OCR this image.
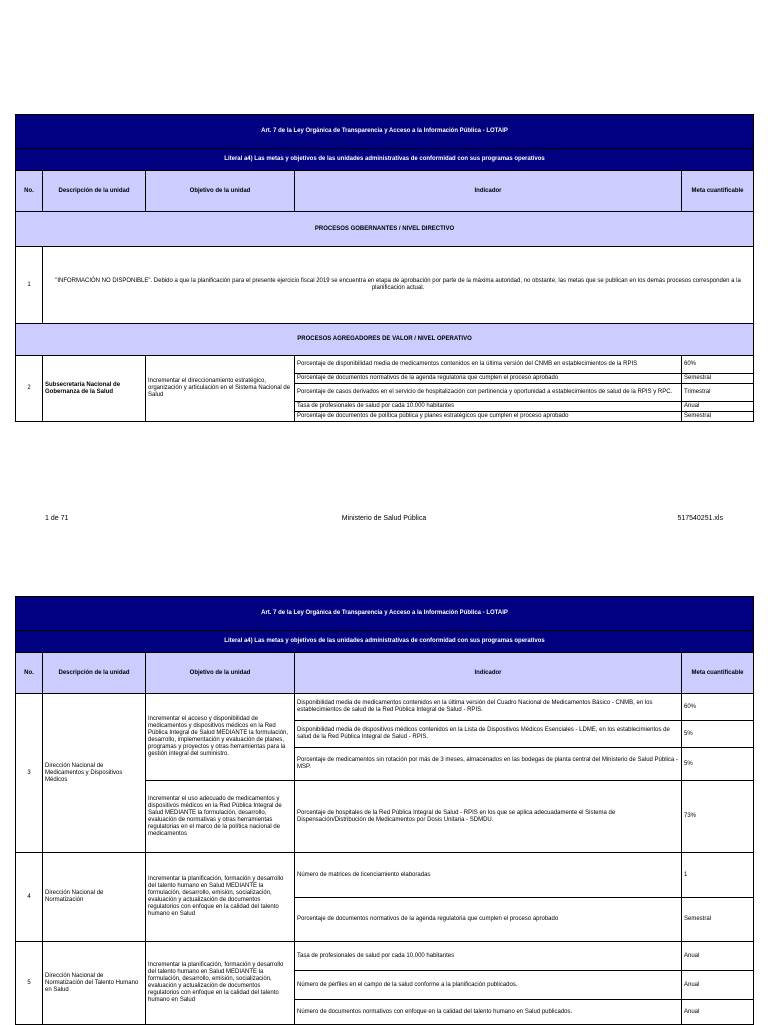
Art. 7 de la Ley Orgánica de Transparencia y Acceso a la Información Pública - LOTAIP				
Literal a4) Las metas y objetivos de las unidades administrativas de conformidad con sus programas operativos				
No.	Descripción de la unidad	Objetivo de la unidad	Indicador	Meta cuantificable
PROCESOS GOBERNANTES / NIVEL DIRECTIVO				
1	"INFORMACIÓN NO DISPONIBLE". Debido a que la planificación para el presente ejercicio fiscal 2019 se encuentra en etapa de aprobación por parte de la máxima autoridad, no obstante, las metas que se publican en los demás procesos corresponden a la planificación actual.			
PROCESOS AGREGADORES DE VALOR / NIVEL OPERATIVO				
2	Subsecretaría Nacional de Gobernanza de la Salud	Incrementar el direccionamiento estratégico, organización y articulación en el Sistema Nacional de Salud	Porcentaje de disponibilidad media de medicamentos contenidos en la última versión del CNMB en establecimientos de la RPIS	60%
			Porcentaje de documentos normativos de la agenda regulatoria que cumplen el proceso aprobado	Semestral
			Porcentaje de casos derivados en el servicio de hospitalización con pertinencia y oportunidad a establecimientos de salud de la RPIS y RPC.	Trimestral
			Tasa de profesionales de salud por cada 10.000 habitantes	Anual
			Porcentaje de documentos de política pública y planes estratégicos que cumplen el proceso aprobado	Semestral
Ministerio de Salud Pública
1 de 71	517540251.xls
Art. 7 de la Ley Orgánica de Transparencia y Acceso a la Información Pública - LOTAIP				
Literal a4) Las metas y objetivos de las unidades administrativas de conformidad con sus programas operativos				
No.	Descripción de la unidad	Objetivo de la unidad	Indicador	Meta cuantificable
3	Dirección Nacional de Medicamentos y Dispositivos Médicos	Incrementar el acceso y disponibilidad de medicamentos y dispositivos médicos en la Red Pública Integral de Salud MEDIANTE la formulación, desarrollo, implementación y evaluación de planes, programas y proyectos y otras herramientas para la gestión integral del suministro.	Disponibilidad media de medicamentos contenidos en la última versión del Cuadro Nacional de Medicamentos Básico - CNMB, en los establecimientos de salud de la Red Pública Integral de Salud - RPIS.	60%
			Disponibilidad media de dispositivos médicos contenidos en la Lista de Dispositivos Médicos Esenciales - LDME, en los establecimientos de salud de la Red Pública Integral de Salud - RPIS.	5%
			Porcentaje de medicamentos sin rotación por más de 3 meses, almacenados en las bodegas de planta central del Ministerio de Salud Pública - MSP.	5%
		Incrementar el uso adecuado de medicamentos y dispositivos médicos en la Red Pública Integral de Salud MEDIANTE la formulación, desarrollo, evaluación de normativas y otras herramientas regulatorias en el marco de la política nacional de medicamentos	Porcentaje de hospitales de la Red Pública Integral de Salud - RPIS en los que se aplica adecuadamente el Sistema de Dispensación/Distribución de Medicamentos por Dosis Unitaria - SDMDU.	73%
4	Dirección Nacional de Normatización	Incrementar la planificación, formación y desarrollo del talento humano en Salud MEDIANTE la formulación, desarrollo, emisión, socialización, evaluación y actualización de documentos regulatorios con enfoque en la calidad del talento humano en Salud	Número de matrices de licenciamiento elaboradas	1
			Porcentaje de documentos normativos de la agenda regulatoria que cumplen el proceso aprobado	Semestral
5	Dirección Nacional de Normatización del Talento Humano en Salud	Incrementar la planificación, formación y desarrollo del talento humano en Salud MEDIANTE la formulación, desarrollo, emisión, socialización, evaluación y actualización de documentos regulatorios con enfoque en la calidad del talento humano en Salud	Tasa de profesionales de salud por cada 10.000 habitantes	Anual
			Número de perfiles en el campo de la salud conforme a la planificación publicados.	Anual
			Número de documentos normativos con enfoque en la calidad del talento humano en Salud publicados.	Anual
